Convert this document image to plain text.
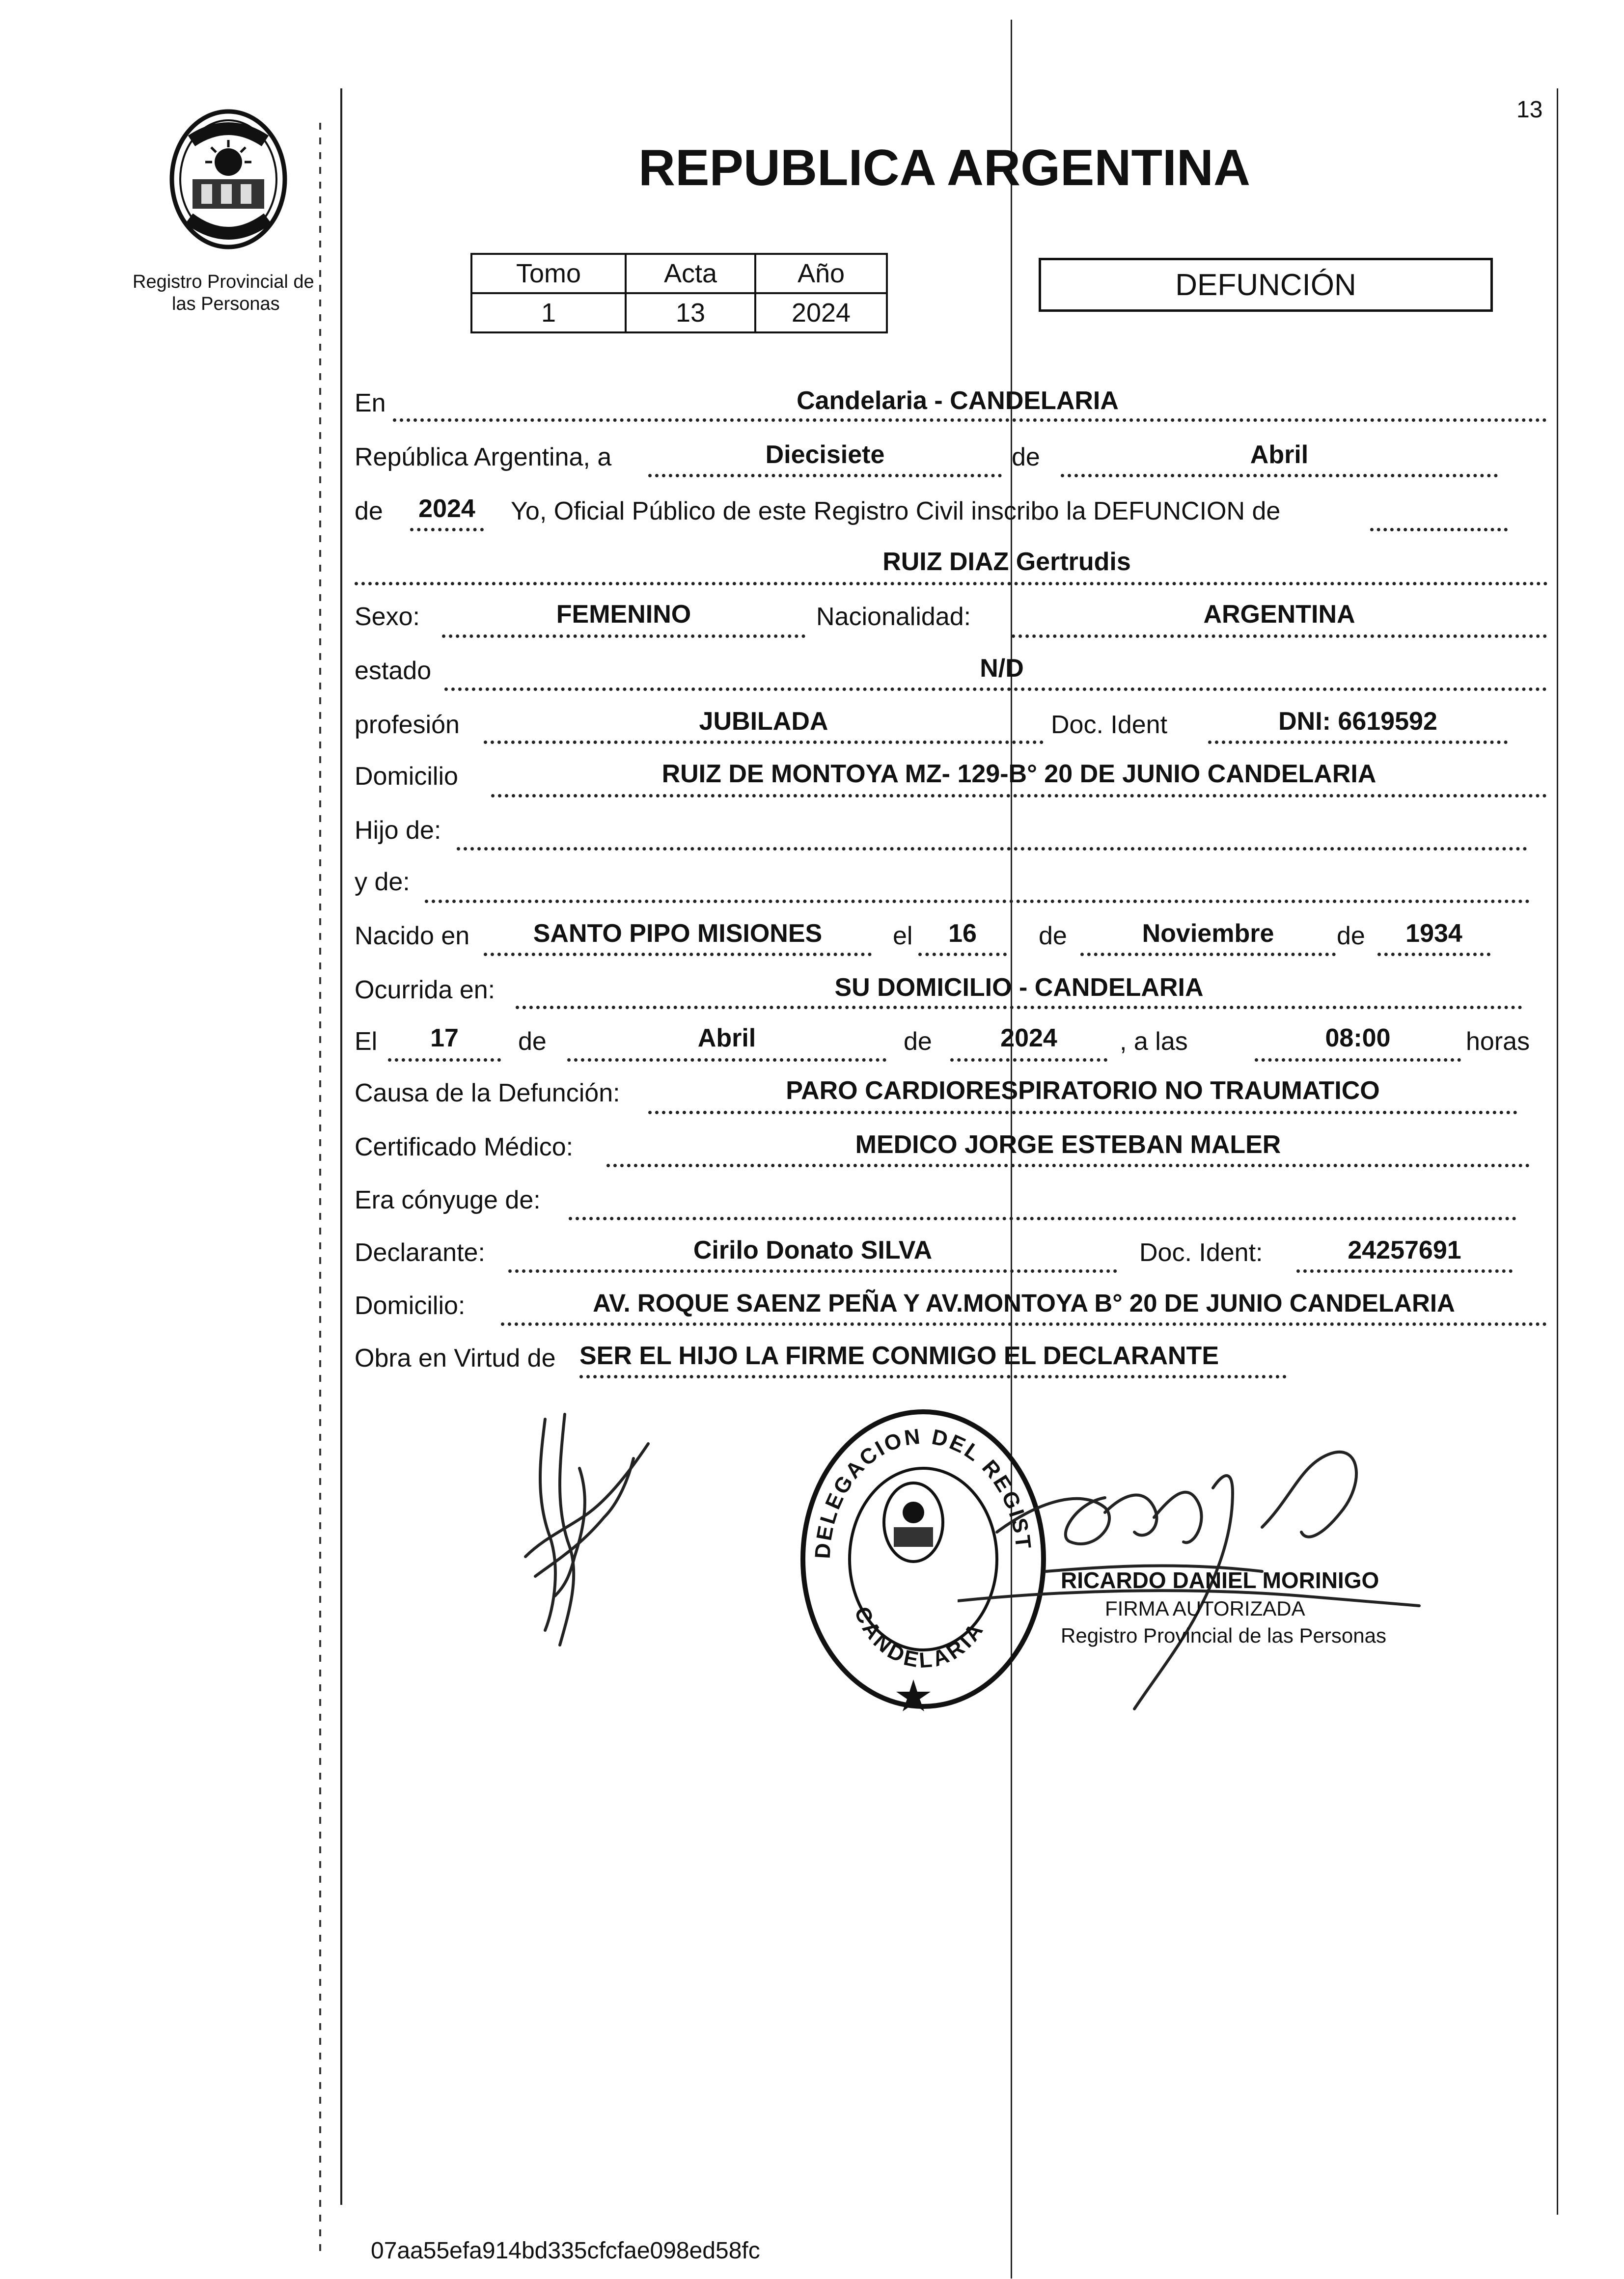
13
Registro Provincial de
las Personas
REPUBLICA ARGENTINA
Tomo	Acta	Año
1	13	2024
DEFUNCIÓN
En	Candelaria - CANDELARIA
República Argentina, a	Diecisiete	de	Abril
de	2024	Yo, Oficial Público de este Registro Civil inscribo la DEFUNCION de
RUIZ DIAZ Gertrudis
Sexo:	FEMENINO	Nacionalidad:	ARGENTINA
estado	N/D
profesión	JUBILADA	Doc. Ident	DNI: 6619592
Domicilio	RUIZ DE MONTOYA MZ- 129-B° 20 DE JUNIO CANDELARIA
Hijo de:
y de:
Nacido en	SANTO PIPO MISIONES	el	16	de	Noviembre	de	1934
Ocurrida en:	SU DOMICILIO - CANDELARIA
El	17	de	Abril	de	2024	, a las	08:00	horas
Causa de la Defunción:	PARO CARDIORESPIRATORIO NO TRAUMATICO
Certificado Médico:	MEDICO JORGE ESTEBAN MALER
Era cónyuge de:
Declarante:	Cirilo Donato SILVA	Doc. Ident:	24257691
Domicilio:	AV. ROQUE SAENZ PEÑA Y AV.MONTOYA B° 20 DE JUNIO CANDELARIA
Obra en Virtud de SER EL HIJO LA FIRME CONMIGO EL DECLARANTE
DELEGACION DEL REGIST
CANDELARIA
RICARDO DANIEL MORINIGO
FIRMA AUTORIZADA
Registro Provincial de las Personas
07aa55efa914bd335cfcfae098ed58fc
